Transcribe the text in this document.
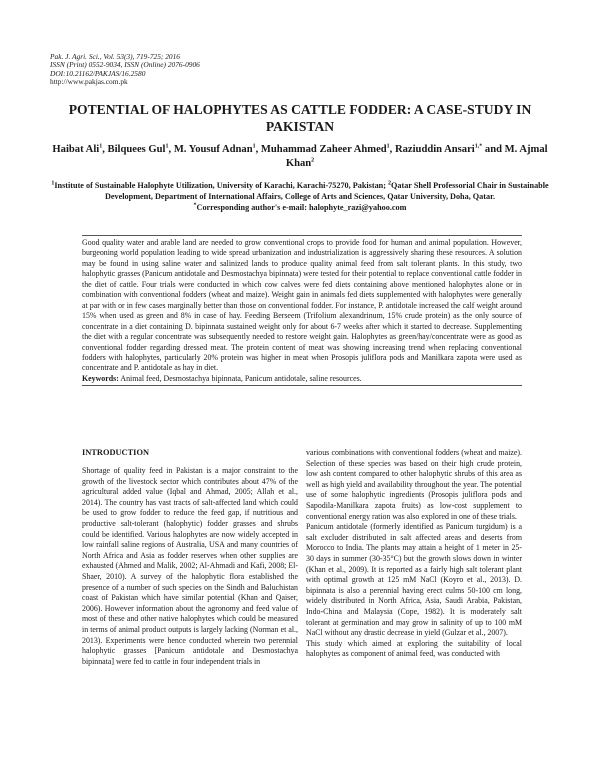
Pak. J. Agri. Sci., Vol. 53(3), 719-725; 2016
ISSN (Print) 0552-9034, ISSN (Online) 2076-0906
DOI:10.21162/PAKJAS/16.2580
http://www.pakjas.com.pk
POTENTIAL OF HALOPHYTES AS CATTLE FODDER: A CASE-STUDY IN PAKISTAN
Haibat Ali$^1$, Bilquees Gul$^1$, M. Yousuf Adnan$^1$, Muhammad Zaheer Ahmed$^1$, Raziuddin Ansari$^{1,*}$ and M. Ajmal Khan$^2$
$^1$Institute of Sustainable Halophyte Utilization, University of Karachi, Karachi-75270, Pakistan; $^2$Qatar Shell Professorial Chair in Sustainable Development, Department of International Affairs, College of Arts and Sciences, Qatar University, Doha, Qatar.
*Corresponding author's e-mail: halophyte_razi@yahoo.com

Good quality water and arable land are needed to grow conventional crops to provide food for human and animal population. However, burgeoning world population leading to wide spread urbanization and industrialization is aggressively sharing these resources. A solution may be found in using saline water and salinized lands to produce quality animal feed from salt tolerant plants. In this study, two halophytic grasses (Panicum antidotale and Desmostachya bipinnata) were tested for their potential to replace conventional cattle fodder in the diet of cattle. Four trials were conducted in which cow calves were fed diets containing above mentioned halophytes alone or in combination with conventional fodders (wheat and maize). Weight gain in animals fed diets supplemented with halophytes were generally at par with or in few cases marginally better than those on conventional fodder. For instance, P. antidotale increased the calf weight around 15% when used as green and 8% in case of hay. Feeding Berseem (Trifolium alexandrinum, 15% crude protein) as the only source of concentrate in a diet containing D. bipinnata sustained weight only for about 6-7 weeks after which it started to decrease. Supplementing the diet with a regular concentrate was subsequently needed to restore weight gain. Halophytes as green/hay/concentrate were as good as conventional fodder regarding dressed meat. The protein content of meat was showing increasing trend when replacing conventional fodders with halophytes, particularly 20% protein was higher in meat when Prosopis juliflora pods and Manilkara zapota were used as concentrate and P. antidotale as hay in diet.

Keywords: Animal feed, Desmostachya bipinnata, Panicum antidotale, saline resources.

INTRODUCTION

Shortage of quality feed in Pakistan is a major constraint to the growth of the livestock sector which contributes about 47% of the agricultural added value (Iqbal and Ahmad, 2005; Allah et al., 2014). The country has vast tracts of salt-affected land which could be used to grow fodder to reduce the feed gap, if nutritious and productive salt-tolerant (halophytic) fodder grasses and shrubs could be identified. Various halophytes are now widely accepted in low rainfall saline regions of Australia, USA and many countries of North Africa and Asia as fodder reserves when other supplies are exhausted (Ahmed and Malik, 2002; Al-Ahmadi and Kafi, 2008; El-Shaer, 2010). A survey of the halophytic flora established the presence of a number of such species on the Sindh and Baluchistan coast of Pakistan which have similar potential (Khan and Qaiser, 2006). However information about the agronomy and feed value of most of these and other native halophytes which could be measured in terms of animal product outputs is largely lacking (Norman et al., 2013). Experiments were hence conducted wherein two perennial halophytic grasses [Panicum antidotale and Desmostachya bipinnata] were fed to cattle in four independent trials in

various combinations with conventional fodders (wheat and maize). Selection of these species was based on their high crude protein, low ash content compared to other halophytic shrubs of this area as well as high yield and availability throughout the year. The potential use of some halophytic ingredients (Prosopis juliflora pods and Sapodila-Manilkara zapota fruits) as low-cost supplement to conventional energy ration was also explored in one of these trials.

Panicum antidotale (formerly identified as Panicum turgidum) is a salt excluder distributed in salt affected areas and deserts from Morocco to India. The plants may attain a height of 1 meter in 25-30 days in summer (30-35°C) but the growth slows down in winter (Khan et al., 2009). It is reported as a fairly high salt tolerant plant with optimal growth at 125 mM NaCl (Koyro et al., 2013). D. bipinnata is also a perennial having erect culms 50-100 cm long, widely distributed in North Africa, Asia, Saudi Arabia, Pakistan, Indo-China and Malaysia (Cope, 1982). It is moderately salt tolerant at germination and may grow in salinity of up to 100 mM NaCl without any drastic decrease in yield (Gulzar et al., 2007).

This study which aimed at exploring the suitability of local halophytes as component of animal feed, was conducted with
